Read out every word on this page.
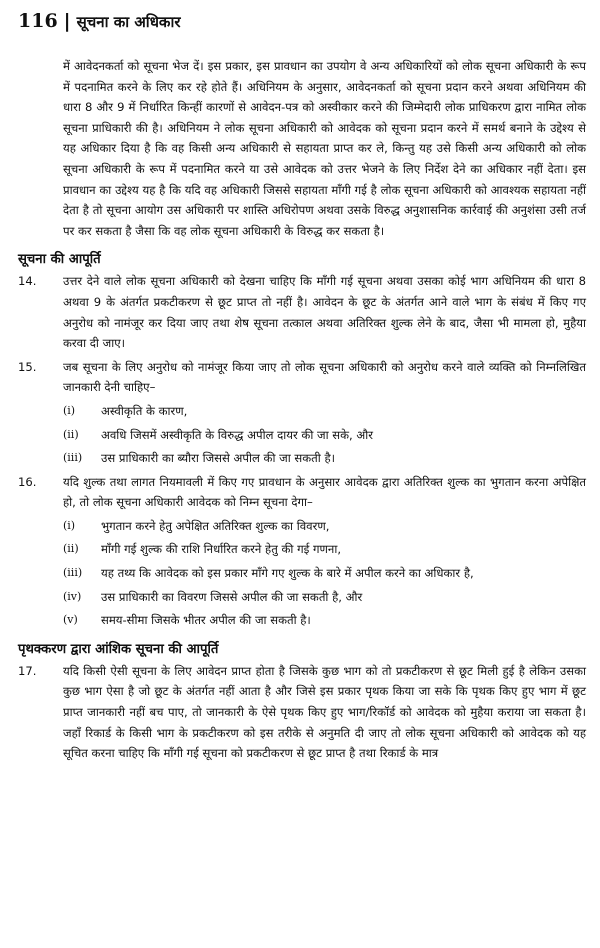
116 | सूचना का अधिकार

में आवेदनकर्ता को सूचना भेज दें। इस प्रकार, इस प्रावधान का उपयोग वे अन्य अधिकारियों को लोक सूचना अधिकारी के रूप में पदनामित करने के लिए कर रहे होते हैं। अधिनियम के अनुसार, आवेदनकर्ता को सूचना प्रदान करने अथवा अधिनियम की धारा 8 और 9 में निर्धारित किन्हीं कारणों से आवेदन-पत्र को अस्वीकार करने की जिम्मेदारी लोक प्राधिकरण द्वारा नामित लोक सूचना प्राधिकारी की है। अधिनियम ने लोक सूचना अधिकारी को आवेदक को सूचना प्रदान करने में समर्थ बनाने के उद्देश्य से यह अधिकार दिया है कि वह किसी अन्य अधिकारी से सहायता प्राप्त कर ले, किन्तु यह उसे किसी अन्य अधिकारी को लोक सूचना अधिकारी के रूप में पदनामित करने या उसे आवेदक को उत्तर भेजने के लिए निर्देश देने का अधिकार नहीं देता। इस प्रावधान का उद्देश्य यह है कि यदि वह अधिकारी जिससे सहायता माँगी गई है लोक सूचना अधिकारी को आवश्यक सहायता नहीं देता है तो सूचना आयोग उस अधिकारी पर शास्ति अधिरोपण अथवा उसके विरुद्ध अनुशासनिक कार्रवाई की अनुशंसा उसी तर्ज पर कर सकता है जैसा कि वह लोक सूचना अधिकारी के विरुद्ध कर सकता है।

सूचना की आपूर्ति
14.	उत्तर देने वाले लोक सूचना अधिकारी को देखना चाहिए कि माँगी गई सूचना अथवा उसका कोई भाग अधिनियम की धारा 8 अथवा 9 के अंतर्गत प्रकटीकरण से छूट प्राप्त तो नहीं है। आवेदन के छूट के अंतर्गत आने वाले भाग के संबंध में किए गए अनुरोध को नामंजूर कर दिया जाए तथा शेष सूचना तत्काल अथवा अतिरिक्त शुल्क लेने के बाद, जैसा भी मामला हो, मुहैया करवा दी जाए।

15.	जब सूचना के लिए अनुरोध को नामंजूर किया जाए तो लोक सूचना अधिकारी को अनुरोध करने वाले व्यक्ति को निम्नलिखित जानकारी देनी चाहिए–

(i)	अस्वीकृति के कारण,

(ii)	अवधि जिसमें अस्वीकृति के विरुद्ध अपील दायर की जा सके, और

(iii)	उस प्राधिकारी का ब्यौरा जिससे अपील की जा सकती है।

16.	यदि शुल्क तथा लागत नियमावली में किए गए प्रावधान के अनुसार आवेदक द्वारा अतिरिक्त शुल्क का भुगतान करना अपेक्षित हो, तो लोक सूचना अधिकारी आवेदक को निम्न सूचना देगा–

(i)	भुगतान करने हेतु अपेक्षित अतिरिक्त शुल्क का विवरण,

(ii)	माँगी गई शुल्क की राशि निर्धारित करने हेतु की गई गणना,

(iii)	यह तथ्य कि आवेदक को इस प्रकार माँगे गए शुल्क के बारे में अपील करने का अधिकार है,

(iv)	उस प्राधिकारी का विवरण जिससे अपील की जा सकती है, और

(v)	समय-सीमा जिसके भीतर अपील की जा सकती है।

पृथक्करण द्वारा आंशिक सूचना की आपूर्ति
17.	यदि किसी ऐसी सूचना के लिए आवेदन प्राप्त होता है जिसके कुछ भाग को तो प्रकटीकरण से छूट मिली हुई है लेकिन उसका कुछ भाग ऐसा है जो छूट के अंतर्गत नहीं आता है और जिसे इस प्रकार पृथक किया जा सके कि पृथक किए हुए भाग में छूट प्राप्त जानकारी नहीं बच पाए, तो जानकारी के ऐसे पृथक किए हुए भाग/रिकॉर्ड को आवेदक को मुहैया कराया जा सकता है। जहाँ रिकार्ड के किसी भाग के प्रकटीकरण को इस तरीके से अनुमति दी जाए तो लोक सूचना अधिकारी को आवेदक को यह सूचित करना चाहिए कि माँगी गई सूचना को प्रकटीकरण से छूट प्राप्त है तथा रिकार्ड के मात्र
